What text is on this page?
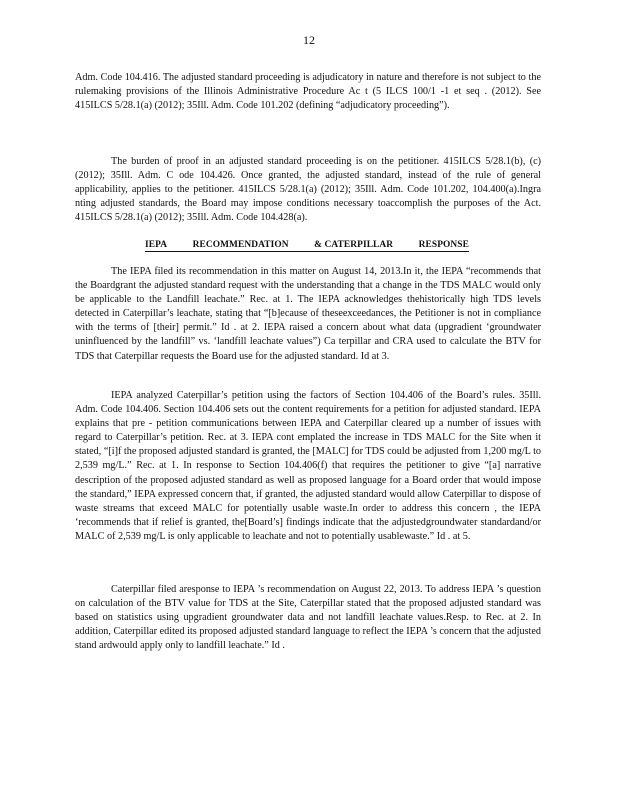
12

Adm. Code 104.416. The adjusted standard proceeding is adjudicatory in nature and therefore is not subject to the rulemaking provisions of the Illinois Administrative Procedure Ac t (5 ILCS 100/1 -1 et seq . (2012). See 415ILCS 5/28.1(a) (2012); 35Ill. Adm. Code 101.202 (defining “adjudicatory proceeding”).

The burden of proof in an adjusted standard proceeding is on the petitioner. 415ILCS 5/28.1(b), (c) (2012); 35Ill. Adm. C ode 104.426. Once granted, the adjusted standard, instead of the rule of general applicability, applies to the petitioner. 415ILCS 5/28.1(a) (2012); 35Ill. Adm. Code 101.202, 104.400(a).Ingra nting adjusted standards, the Board may impose conditions necessary toaccomplish the purposes of the Act. 415ILCS 5/28.1(a) (2012); 35Ill. Adm. Code 104.428(a).

IEPA	RECOMMENDATION	& CATERPILLAR	RESPONSE

The IEPA filed its recommendation in this matter on August 14, 2013.In it, the IEPA “recommends that the Boardgrant the adjusted standard request with the understanding that a change in the TDS MALC would only be applicable to the Landfill leachate.” Rec. at 1. The IEPA acknowledges thehistorically high TDS levels detected in Caterpillar’s leachate, stating that “[b]ecause of theseexceedances, the Petitioner is not in compliance with the terms of [their] permit.” Id . at 2. IEPA raised a concern about what data (upgradient ‘groundwater uninfluenced by the landfill” vs. ‘landfill leachate values”) Ca terpillar and CRA used to calculate the BTV for TDS that Caterpillar requests the Board use for the adjusted standard. Id at 3.

IEPA analyzed Caterpillar’s petition using the factors of Section 104.406 of the Board’s rules. 35Ill. Adm. Code 104.406. Section 104.406 sets out the content requirements for a petition for adjusted standard. IEPA explains that pre - petition communications between IEPA and Caterpillar cleared up a number of issues with regard to Caterpillar’s petition. Rec. at 3. IEPA cont emplated the increase in TDS MALC for the Site when it stated, “[i]f the proposed adjusted standard is granted, the [MALC] for TDS could be adjusted from 1,200 mg/L to 2,539 mg/L.” Rec. at 1. In response to Section 104.406(f) that requires the petitioner to give “[a] narrative description of the proposed adjusted standard as well as proposed language for a Board order that would impose the standard,” IEPA expressed concern that, if granted, the adjusted standard would allow Caterpillar to dispose of waste streams that exceed MALC for potentially usable waste.In order to address this concern , the IEPA ‘recommends that if relief is granted, the[Board’s] findings indicate that the adjustedgroundwater standardand/or MALC of 2,539 mg/L is only applicable to leachate and not to potentially usablewaste.” Id . at 5.

Caterpillar filed aresponse to IEPA ’s recommendation on August 22, 2013. To address IEPA ’s question on calculation of the BTV value for TDS at the Site, Caterpillar stated that the proposed adjusted standard was based on statistics using upgradient groundwater data and not landfill leachate values.Resp. to Rec. at 2. In addition, Caterpillar edited its proposed adjusted standard language to reflect the IEPA ’s concern that the adjusted stand ardwould apply only to landfill leachate.” Id .
